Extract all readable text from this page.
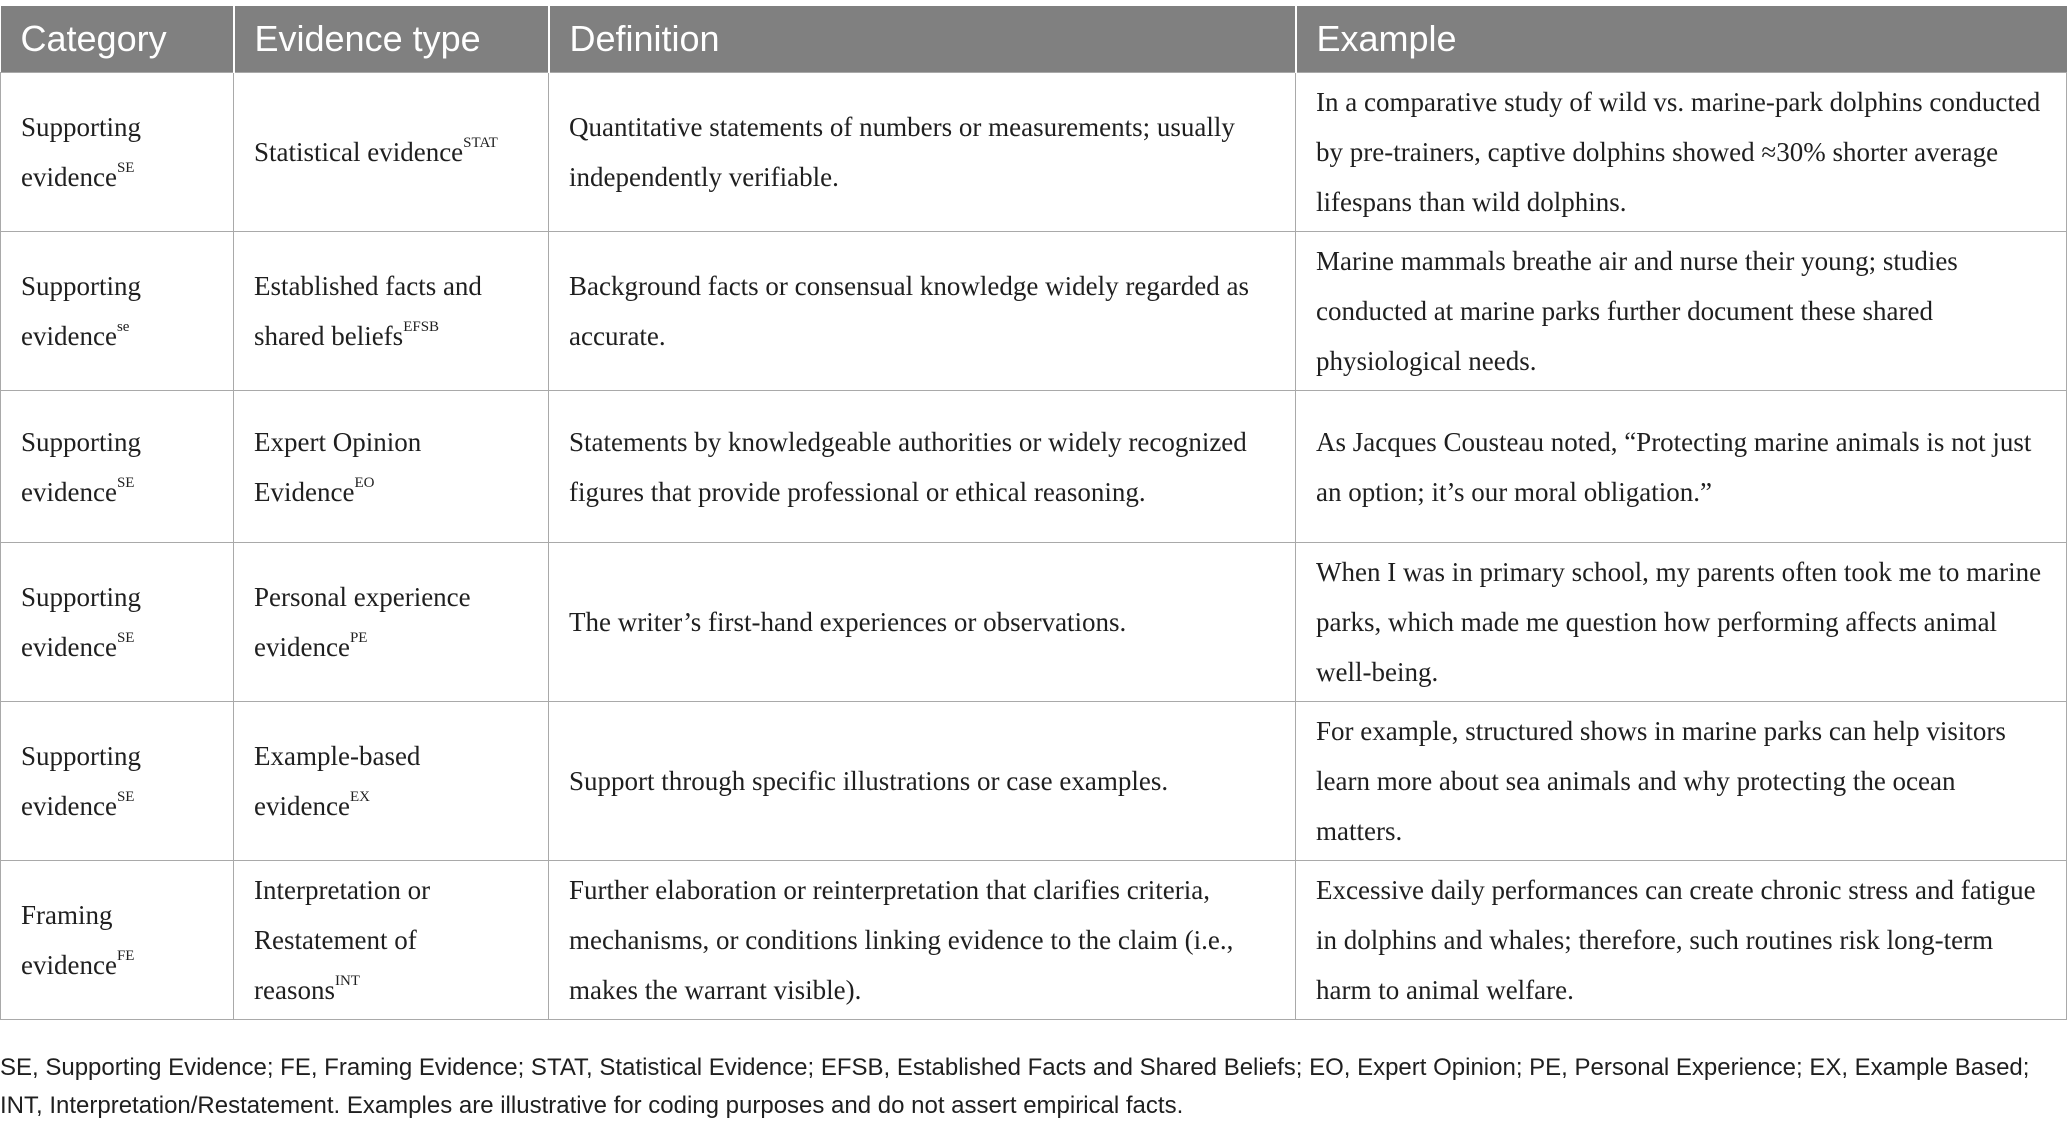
Category	Evidence type	Definition	Example
Supporting evidence$^{SE}$	Statistical evidence$^{STAT}$	Quantitative statements of numbers or measurements; usually independently verifiable.	In a comparative study of wild vs. marine-park dolphins conducted by pre-trainers, captive dolphins showed ≈30% shorter average lifespans than wild dolphins.
Supporting evidence$^{se}$	Established facts and shared beliefs$^{EFSB}$	Background facts or consensual knowledge widely regarded as accurate.	Marine mammals breathe air and nurse their young; studies conducted at marine parks further document these shared physiological needs.
Supporting evidence$^{SE}$	Expert Opinion Evidence$^{EO}$	Statements by knowledgeable authorities or widely recognized figures that provide professional or ethical reasoning.	As Jacques Cousteau noted, “Protecting marine animals is not just an option; it’s our moral obligation.”
Supporting evidence$^{SE}$	Personal experience evidence$^{PE}$	The writer’s first-hand experiences or observations.	When I was in primary school, my parents often took me to marine parks, which made me question how performing affects animal well-being.
Supporting evidence$^{SE}$	Example-based evidence$^{EX}$	Support through specific illustrations or case examples.	For example, structured shows in marine parks can help visitors learn more about sea animals and why protecting the ocean matters.
Framing evidence$^{FE}$	Interpretation or Restatement of reasons$^{INT}$	Further elaboration or reinterpretation that clarifies criteria, mechanisms, or conditions linking evidence to the claim (i.e., makes the warrant visible).	Excessive daily performances can create chronic stress and fatigue in dolphins and whales; therefore, such routines risk long-term harm to animal welfare.
SE, Supporting Evidence; FE, Framing Evidence; STAT, Statistical Evidence; EFSB, Established Facts and Shared Beliefs; EO, Expert Opinion; PE, Personal Experience; EX, Example Based; INT, Interpretation/Restatement. Examples are illustrative for coding purposes and do not assert empirical facts.
